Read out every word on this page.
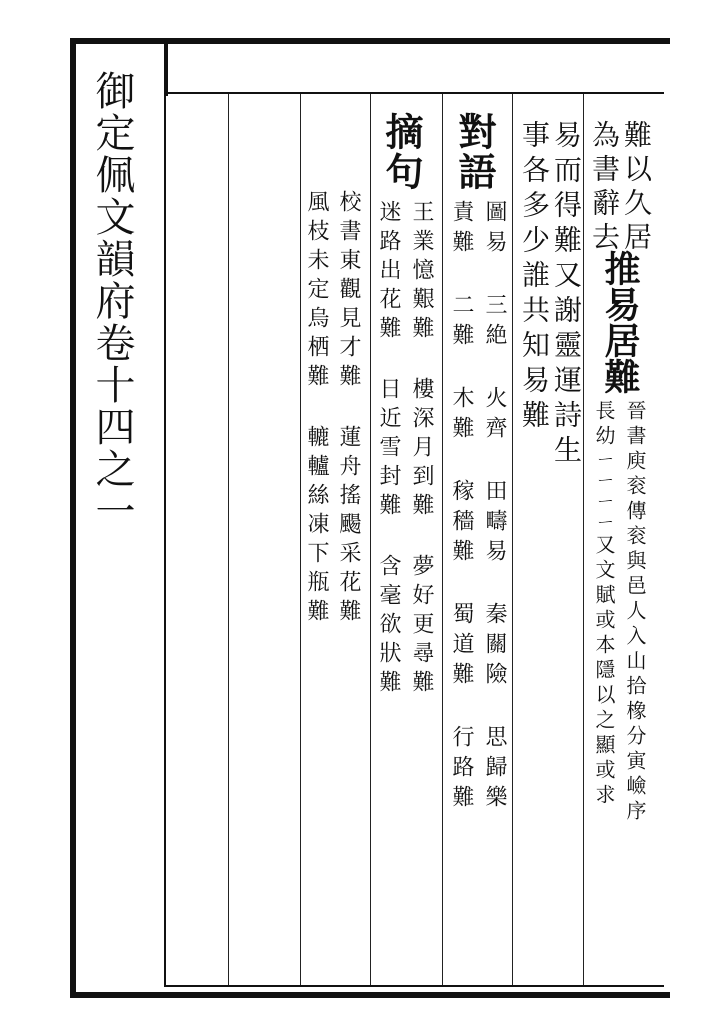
御定佩文韻府卷十四之一	難以久居
為書辭去
推易居難
晉書庾衮傳衮與邑人入山拾橡分寅嶮序
長幼ㄧㄧㄧㄧ又文賦或本隱以之顯或求
易而得難又謝靈運詩生
事各多少誰共知易難
對語
圖易 三絶 火齊 田疇易 秦關險 思歸樂
責難 二難 木難 稼穡難 蜀道難 行路難
摘句
王業憶艱難 樓深月到難 夢好更尋難
迷路出花難 日近雪封難 含毫欲狀難
校書東觀見才難 蓮舟搖颺采花難
風枝未定烏栖難 轆轤絲凍下瓶難
